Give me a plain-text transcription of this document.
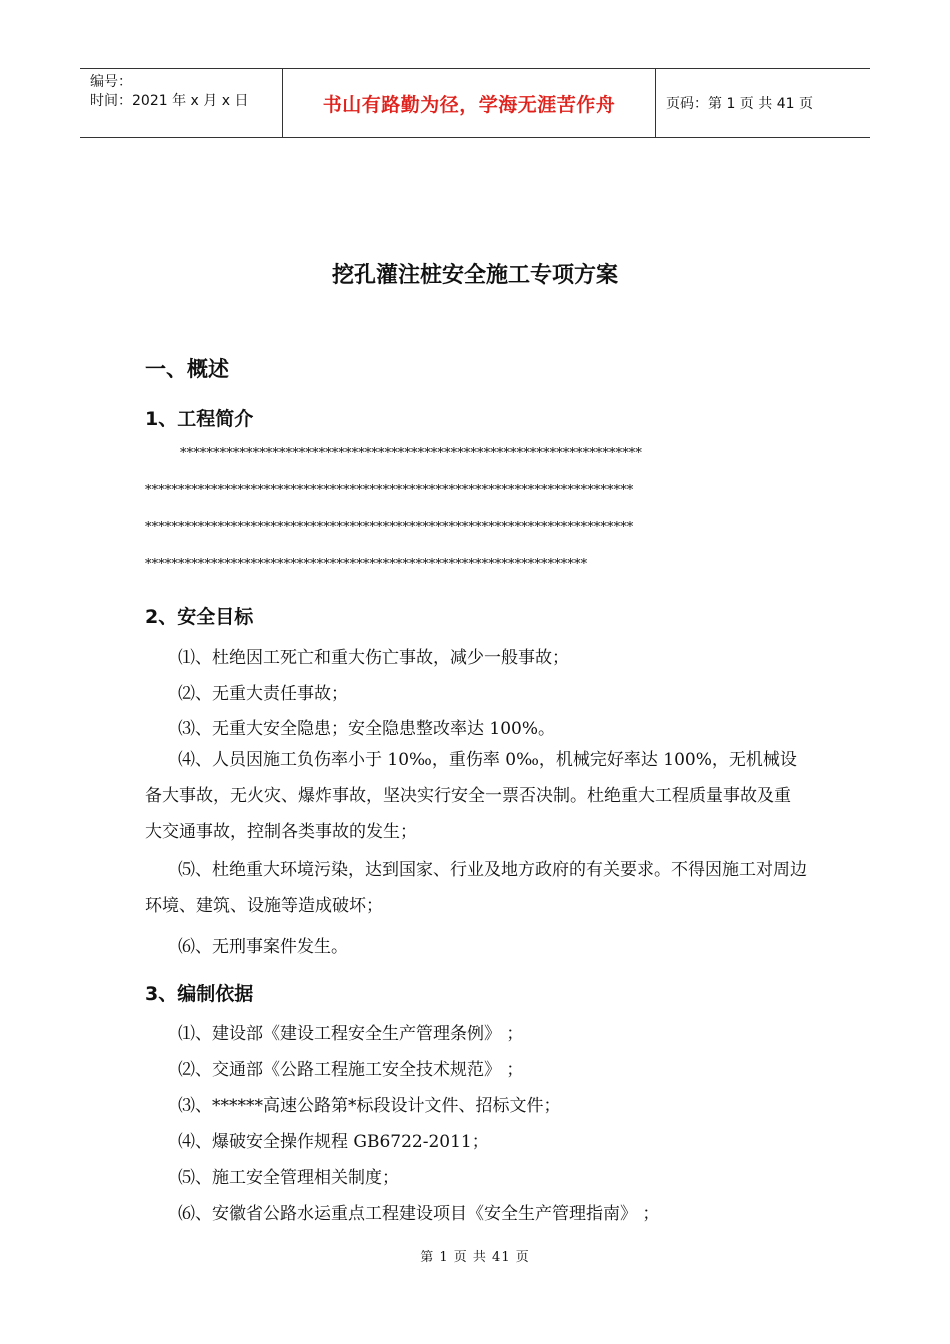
编号：
时间：2021 年 x 月 x 日	书山有路勤为径，学海无涯苦作舟	页码：第 1 页 共 41 页
挖孔灌注桩安全施工专项方案
一、概述
1、工程简介
**********************************************************************
**************************************************************************
**************************************************************************
*******************************************************************
2、安全目标
⑴、杜绝因工死亡和重大伤亡事故，减少一般事故；
⑵、无重大责任事故；
⑶、无重大安全隐患；安全隐患整改率达 100%。
⑷、人员因施工负伤率小于 10‰，重伤率 0‰，机械完好率达 100%，无机械设备大事故，无火灾、爆炸事故，坚决实行安全一票否决制。杜绝重大工程质量事故及重大交通事故，控制各类事故的发生；
⑸、杜绝重大环境污染，达到国家、行业及地方政府的有关要求。不得因施工对周边环境、建筑、设施等造成破坏；
⑹、无刑事案件发生。
3、编制依据
⑴、建设部《建设工程安全生产管理条例》 ；
⑵、交通部《公路工程施工安全技术规范》 ；
⑶、******高速公路第*标段设计文件、招标文件；
⑷、爆破安全操作规程 GB6722-2011；
⑸、施工安全管理相关制度；
⑹、安徽省公路水运重点工程建设项目《安全生产管理指南》 ；
第 1 页 共 41 页
